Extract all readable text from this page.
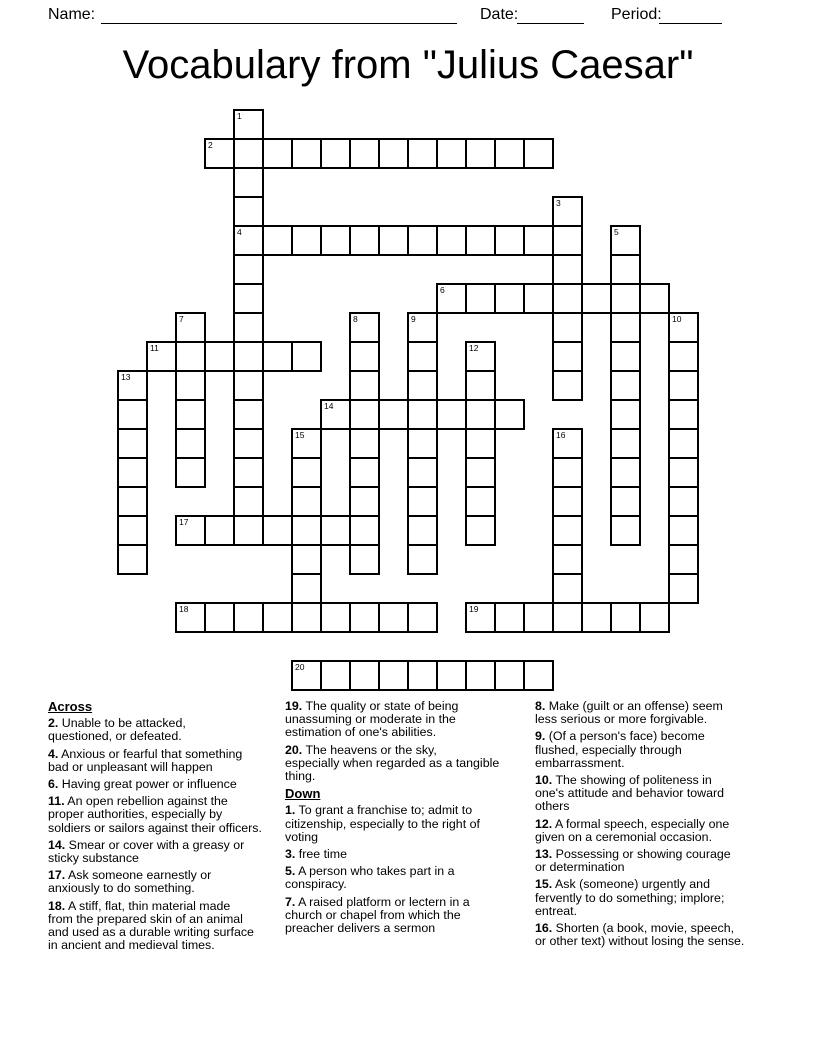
Name:	Date:	Period:
Vocabulary from "Julius Caesar"
1
4
2
3
5
6
7	8	9	10
11	12
13
14
15	16
17
18	19
20
Across
2. Unable to be attacked,
questioned, or defeated.
4. Anxious or fearful that something
bad or unpleasant will happen
6. Having great power or influence
11. An open rebellion against the
proper authorities, especially by
soldiers or sailors against their officers.
14. Smear or cover with a greasy or
sticky substance
17. Ask someone earnestly or
anxiously to do something.
18. A stiff, flat, thin material made
from the prepared skin of an animal
and used as a durable writing surface
in ancient and medieval times.
19. The quality or state of being
unassuming or moderate in the
estimation of one's abilities.
20. The heavens or the sky,
especially when regarded as a tangible
thing.
Down
1. To grant a franchise to; admit to
citizenship, especially to the right of
voting
3. free time
5. A person who takes part in a
conspiracy.
7. A raised platform or lectern in a
church or chapel from which the
preacher delivers a sermon
8. Make (guilt or an offense) seem
less serious or more forgivable.
9. (Of a person's face) become
flushed, especially through
embarrassment.
10. The showing of politeness in
one's attitude and behavior toward
others
12. A formal speech, especially one
given on a ceremonial occasion.
13. Possessing or showing courage
or determination
15. Ask (someone) urgently and
fervently to do something; implore;
entreat.
16. Shorten (a book, movie, speech,
or other text) without losing the sense.
